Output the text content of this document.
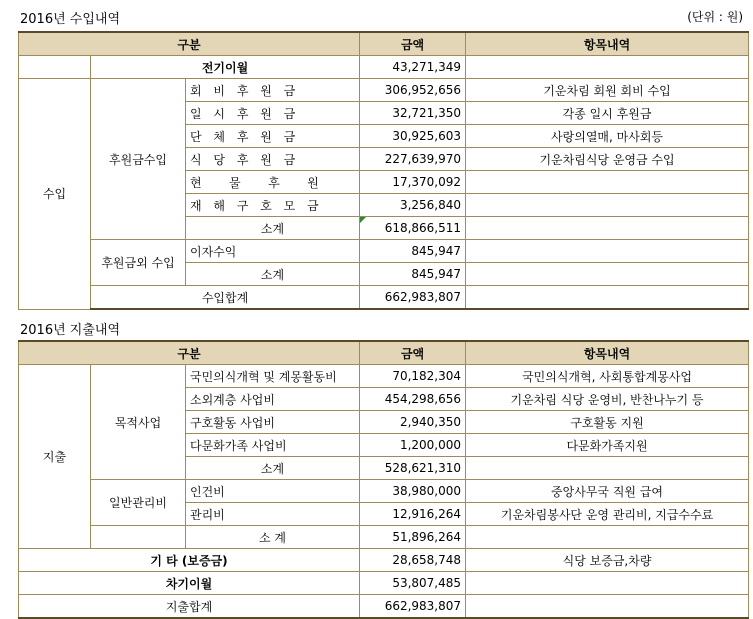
2016년 수입내역	(단위 : 원)
구분			금액	항목내역
	전기이월		43,271,349	
수입	후원금수입	회 비 후 원 금	306,952,656	기운차림 회원 회비 수입
		일 시 후 원 금	32,721,350	각종 일시 후원금
		단 체 후 원 금	30,925,603	사랑의열매, 마사회등
		식 당 후 원 금	227,639,970	기운차림식당 운영금 수입
		현   물   후   원	17,370,092	
		재 해 구 호 모 금	3,256,840	
		소계	618,866,511	
	후원금외 수입	이자수익	845,947	
		소계	845,947	
	수입합계		662,983,807	
2016년 지출내역
구분			금액	항목내역
지출	목적사업	국민의식개혁 및 계몽활동비	70,182,304	국민의식개혁, 사회통합계몽사업
		소외계층 사업비	454,298,656	기운차림 식당 운영비, 반찬나누기 등
		구호활동 사업비	2,940,350	구호활동 지원
		다문화가족 사업비	1,200,000	다문화가족지원
		소계	528,621,310	
	일반관리비	인건비	38,980,000	중앙사무국 직원 급여
		관리비	12,916,264	기운차림봉사단 운영 관리비, 지급수수료
		소 계	51,896,264	
기 타 (보증금)			28,658,748	식당 보증금,차량
차기이월			53,807,485	
지출합계			662,983,807	
